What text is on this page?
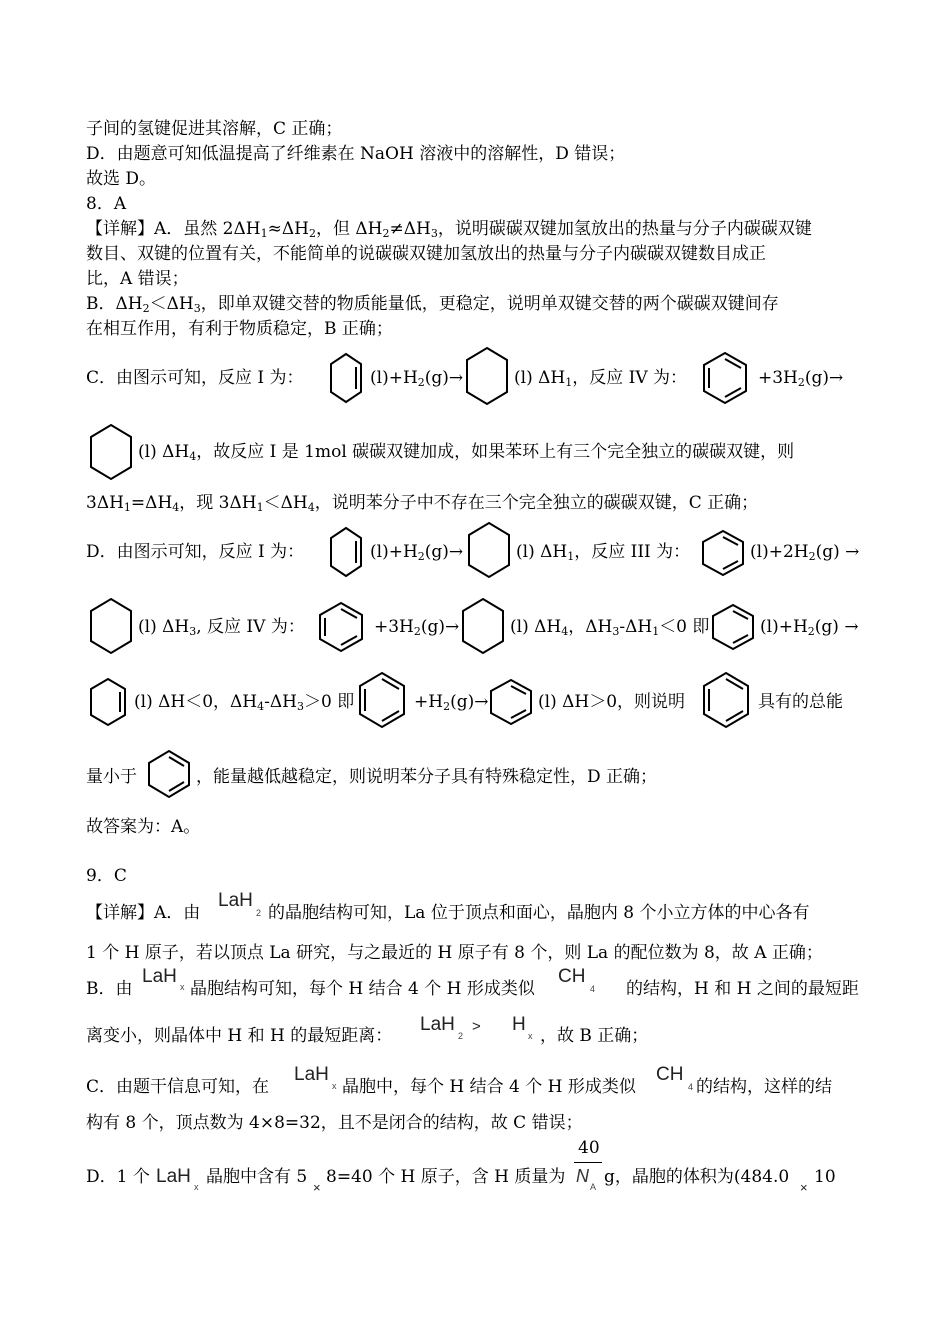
子间的氢键促进其溶解，C 正确；
D．由题意可知低温提高了纤维素在 NaOH 溶液中的溶解性，D 错误；
故选 D。
8．A
【详解】A．虽然 $2\Delta H_1\approx\Delta H_2$，但 $\Delta H_2\ne\Delta H_3$，说明碳碳双键加氢放出的热量与分子内碳碳双键
数目、双键的位置有关，不能简单的说碳碳双键加氢放出的热量与分子内碳碳双键数目成正
比，A 错误；
B．$\Delta H_2<\Delta H_3$，即单双键交替的物质能量低，更稳定，说明单双键交替的两个碳碳双键间存
在相互作用，有利于物质稳定，B 正确；
C．由图示可知，反应 I 为：	$(l)+H_2(g)\to$	(l) $\Delta H_1$，反应 IV 为：	$+3H_2(g)\to$
(l) $\Delta H_4$，故反应 I 是 1mol 碳碳双键加成，如果苯环上有三个完全独立的碳碳双键，则
$3\Delta H_1=\Delta H_4$，现 $3\Delta H_1<\Delta H_4$，说明苯分子中不存在三个完全独立的碳碳双键，C 正确；
D．由图示可知，反应 I 为：	$(l)+H_2(g)\to$	(l) $\Delta H_1$，反应 III 为：	$(l)+2H_2(g)$ →
(l) $\Delta H_3$, 反应 IV 为：	$+3H_2(g)\to$	(l) $\Delta H_4$，$\Delta H_3-\Delta H_1<0$ 即	$(l)+H_2(g)$ →
(l) ΔH＜0，$\Delta H_4-\Delta H_3>0$ 即	$+H_2(g)\to$	(l) ΔH＞0，则说明	具有的总能
量小于	，能量越低越稳定，则说明苯分子具有特殊稳定性，D 正确；
故答案为：A。
9．C
【详解】A．由
LaH
2 的晶胞结构可知，La 位于顶点和面心，晶胞内 8 个小立方体的中心各有
1 个 H 原子，若以顶点 La 研究，与之最近的 H 原子有 8 个，则 La 的配位数为 8，故 A 正确；
B．由
LaH x 晶胞结构可知，每个 H 结合 4 个 H 形成类似
CH
4 的结构，H 和 H 之间的最短距
离变小，则晶体中 H 和 H 的最短距离：
LaH
2
> H
x ，故 B 正确；
C．由题干信息可知，在
LaH
x 晶胞中，每个 H 结合 4 个 H 形成类似
CH
4 的结构，这样的结
构有 8 个，顶点数为 4×8=32，且不是闭合的结构，故 C 错误；
D．1 个 LaH x 晶胞中含有 5
×
8=40 个 H 原子，含 H 质量为
40
N
A g，晶胞的体积为(484.0
×
10
